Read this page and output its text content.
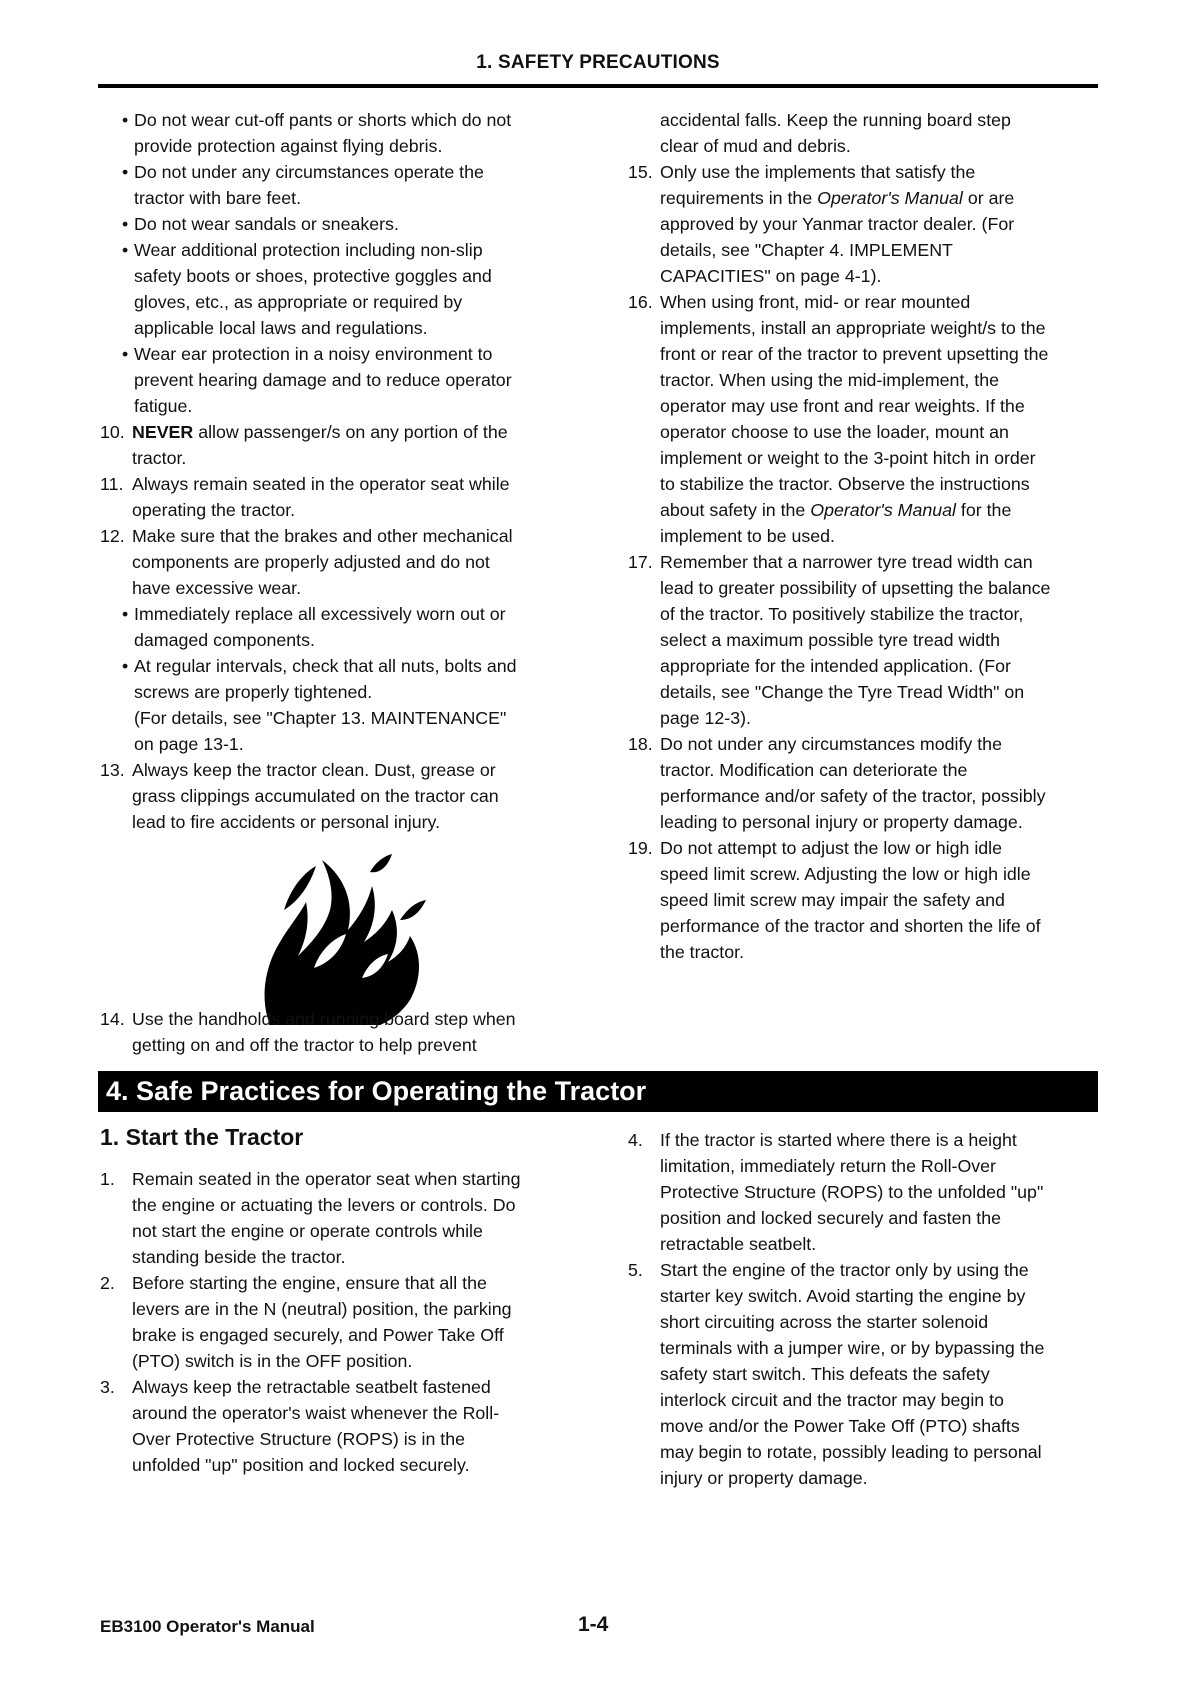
1. SAFETY PRECAUTIONS
• Do not wear cut-off pants or shorts which do not
provide protection against flying debris.
• Do not under any circumstances operate the
tractor with bare feet.
• Do not wear sandals or sneakers.
• Wear additional protection including non-slip
safety boots or shoes, protective goggles and
gloves, etc., as appropriate or required by
applicable local laws and regulations.
• Wear ear protection in a noisy environment to
prevent hearing damage and to reduce operator
fatigue.
10. NEVER allow passenger/s on any portion of the
tractor.
11. Always remain seated in the operator seat while
operating the tractor.
12. Make sure that the brakes and other mechanical
components are properly adjusted and do not
have excessive wear.
• Immediately replace all excessively worn out or
damaged components.
• At regular intervals, check that all nuts, bolts and
screws are properly tightened.
(For details, see "Chapter 13. MAINTENANCE"
on page 13-1.
13. Always keep the tractor clean. Dust, grease or
grass clippings accumulated on the tractor can
lead to fire accidents or personal injury.
14. Use the handholds and running board step when
getting on and off the tractor to help prevent
accidental falls. Keep the running board step
clear of mud and debris.
15. Only use the implements that satisfy the
requirements in the Operator's Manual or are
approved by your Yanmar tractor dealer. (For
details, see "Chapter 4. IMPLEMENT
CAPACITIES" on page 4-1).
16. When using front, mid- or rear mounted
implements, install an appropriate weight/s to the
front or rear of the tractor to prevent upsetting the
tractor. When using the mid-implement, the
operator may use front and rear weights. If the
operator choose to use the loader, mount an
implement or weight to the 3-point hitch in order
to stabilize the tractor. Observe the instructions
about safety in the Operator's Manual for the
implement to be used.
17. Remember that a narrower tyre tread width can
lead to greater possibility of upsetting the balance
of the tractor. To positively stabilize the tractor,
select a maximum possible tyre tread width
appropriate for the intended application. (For
details, see "Change the Tyre Tread Width" on
page 12-3).
18. Do not under any circumstances modify the
tractor. Modification can deteriorate the
performance and/or safety of the tractor, possibly
leading to personal injury or property damage.
19. Do not attempt to adjust the low or high idle
speed limit screw. Adjusting the low or high idle
speed limit screw may impair the safety and
performance of the tractor and shorten the life of
the tractor.
4. Safe Practices for Operating the Tractor
1. Start the Tractor
1. Remain seated in the operator seat when starting
the engine or actuating the levers or controls. Do
not start the engine or operate controls while
standing beside the tractor.
2. Before starting the engine, ensure that all the
levers are in the N (neutral) position, the parking
brake is engaged securely, and Power Take Off
(PTO) switch is in the OFF position.
3. Always keep the retractable seatbelt fastened
around the operator's waist whenever the Roll-
Over Protective Structure (ROPS) is in the
unfolded "up" position and locked securely.
4. If the tractor is started where there is a height
limitation, immediately return the Roll-Over
Protective Structure (ROPS) to the unfolded "up"
position and locked securely and fasten the
retractable seatbelt.
5. Start the engine of the tractor only by using the
starter key switch. Avoid starting the engine by
short circuiting across the starter solenoid
terminals with a jumper wire, or by bypassing the
safety start switch. This defeats the safety
interlock circuit and the tractor may begin to
move and/or the Power Take Off (PTO) shafts
may begin to rotate, possibly leading to personal
injury or property damage.
EB3100 Operator's Manual	1-4
